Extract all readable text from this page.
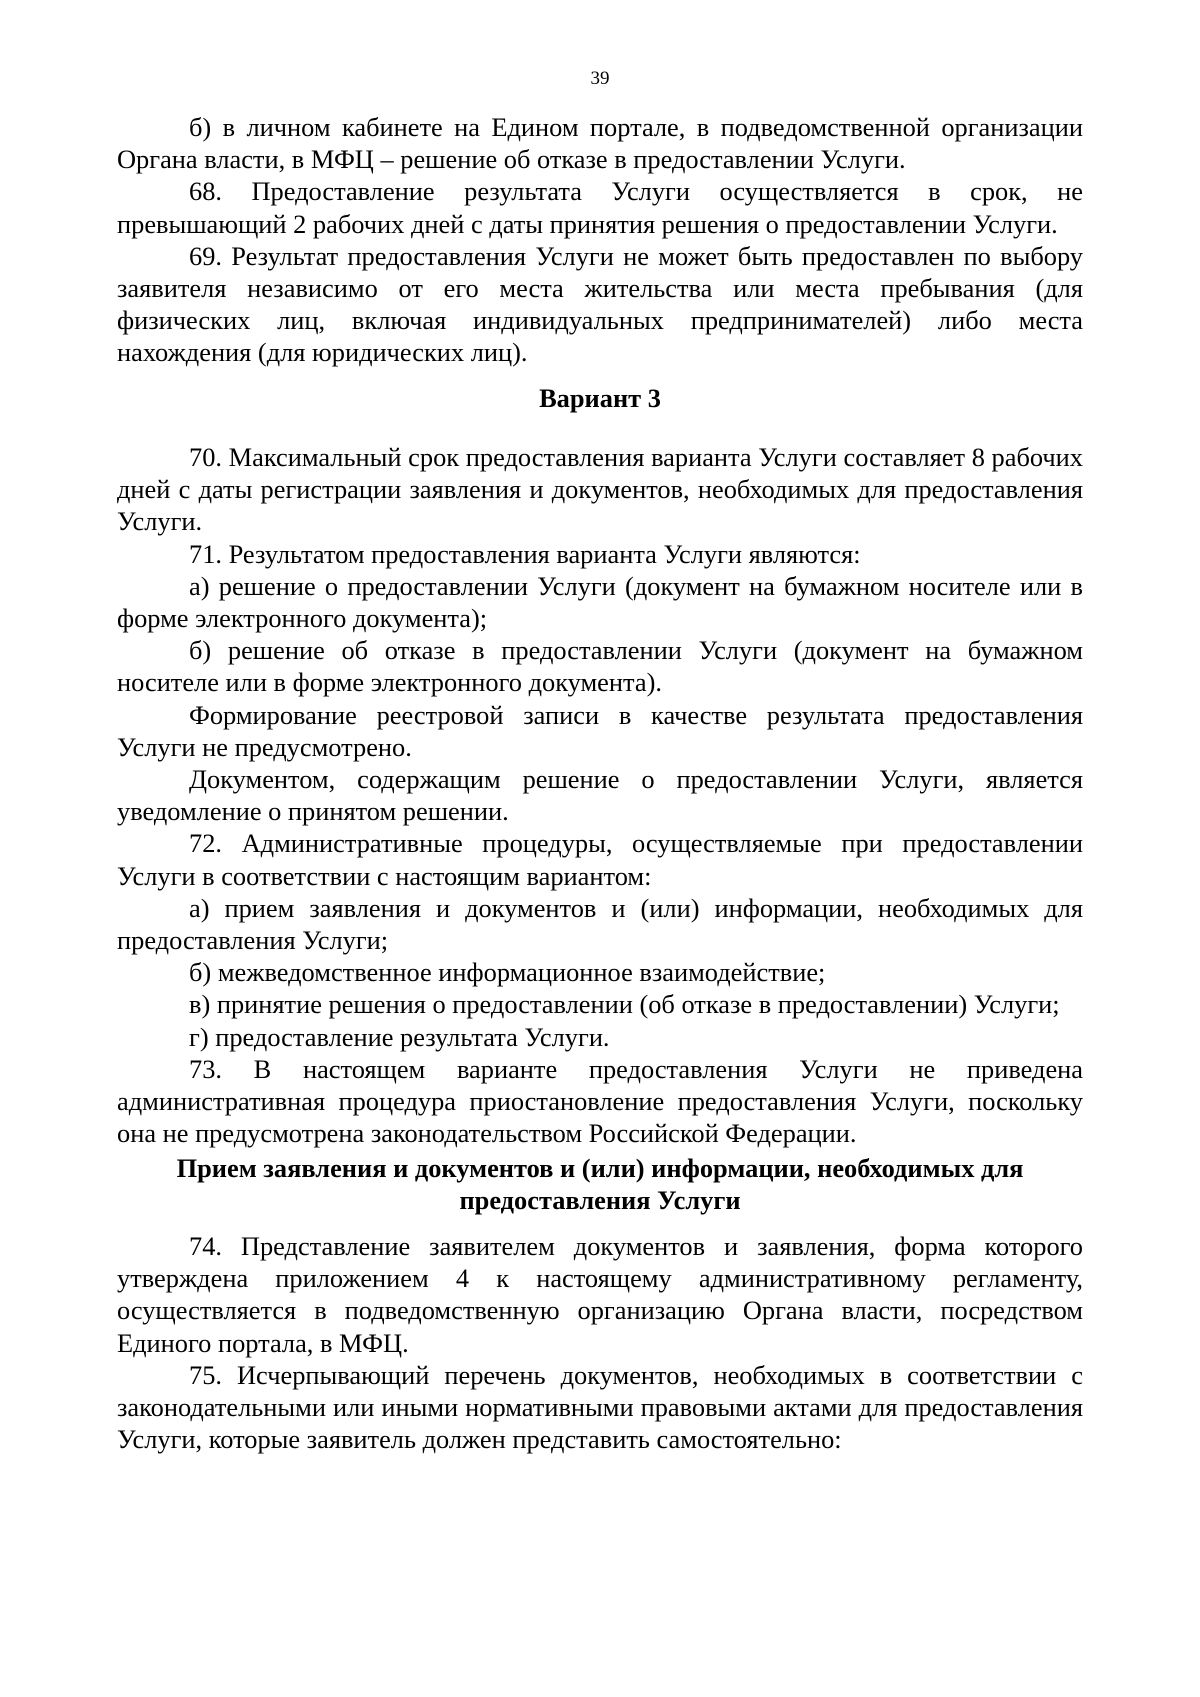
39

б) в личном кабинете на Едином портале, в подведомственной организации Органа власти, в МФЦ – решение об отказе в предоставлении Услуги.

68. Предоставление результата Услуги осуществляется в срок, не превышающий 2 рабочих дней с даты принятия решения о предоставлении Услуги.

69. Результат предоставления Услуги не может быть предоставлен по выбору заявителя независимо от его места жительства или места пребывания (для физических лиц, включая индивидуальных предпринимателей) либо места нахождения (для юридических лиц).

Вариант 3

70. Максимальный срок предоставления варианта Услуги составляет 8 рабочих дней с даты регистрации заявления и документов, необходимых для предоставления Услуги.

71. Результатом предоставления варианта Услуги являются:

а) решение о предоставлении Услуги (документ на бумажном носителе или в форме электронного документа);

б) решение об отказе в предоставлении Услуги (документ на бумажном носителе или в форме электронного документа).

Формирование реестровой записи в качестве результата предоставления Услуги не предусмотрено.

Документом, содержащим решение о предоставлении Услуги, является уведомление о принятом решении.

72. Административные процедуры, осуществляемые при предоставлении Услуги в соответствии с настоящим вариантом:

а) прием заявления и документов и (или) информации, необходимых для предоставления Услуги;

б) межведомственное информационное взаимодействие;

в) принятие решения о предоставлении (об отказе в предоставлении) Услуги;

г) предоставление результата Услуги.

73. В настоящем варианте предоставления Услуги не приведена административная процедура приостановление предоставления Услуги, поскольку она не предусмотрена законодательством Российской Федерации.

Прием заявления и документов и (или) информации, необходимых для

предоставления Услуги

74. Представление заявителем документов и заявления, форма которого утверждена приложением 4 к настоящему административному регламенту, осуществляется в подведомственную организацию Органа власти, посредством Единого портала, в МФЦ.

75. Исчерпывающий перечень документов, необходимых в соответствии с законодательными или иными нормативными правовыми актами для предоставления Услуги, которые заявитель должен представить самостоятельно:
